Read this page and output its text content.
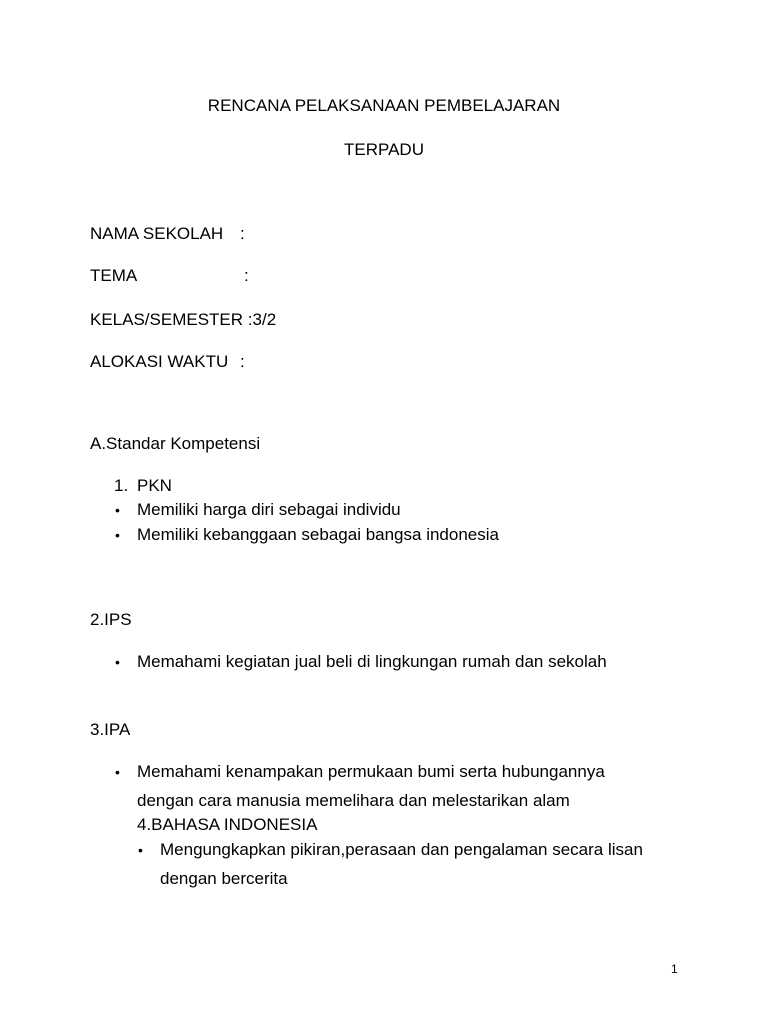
RENCANA PELAKSANAAN PEMBELAJARAN
TERPADU
NAMA SEKOLAH :
TEMA	:
KELAS/SEMESTER :3/2
ALOKASI WAKTU :
A.Standar Kompetensi
1. PKN
• Memiliki harga diri sebagai individu
• Memiliki kebanggaan sebagai bangsa indonesia
2.IPS
• Memahami kegiatan jual beli di lingkungan rumah dan sekolah
3.IPA
• Memahami kenampakan permukaan bumi serta hubungannya
dengan cara manusia memelihara dan melestarikan alam
4.BAHASA INDONESIA
• Mengungkapkan pikiran,perasaan dan pengalaman secara lisan
dengan bercerita
1
